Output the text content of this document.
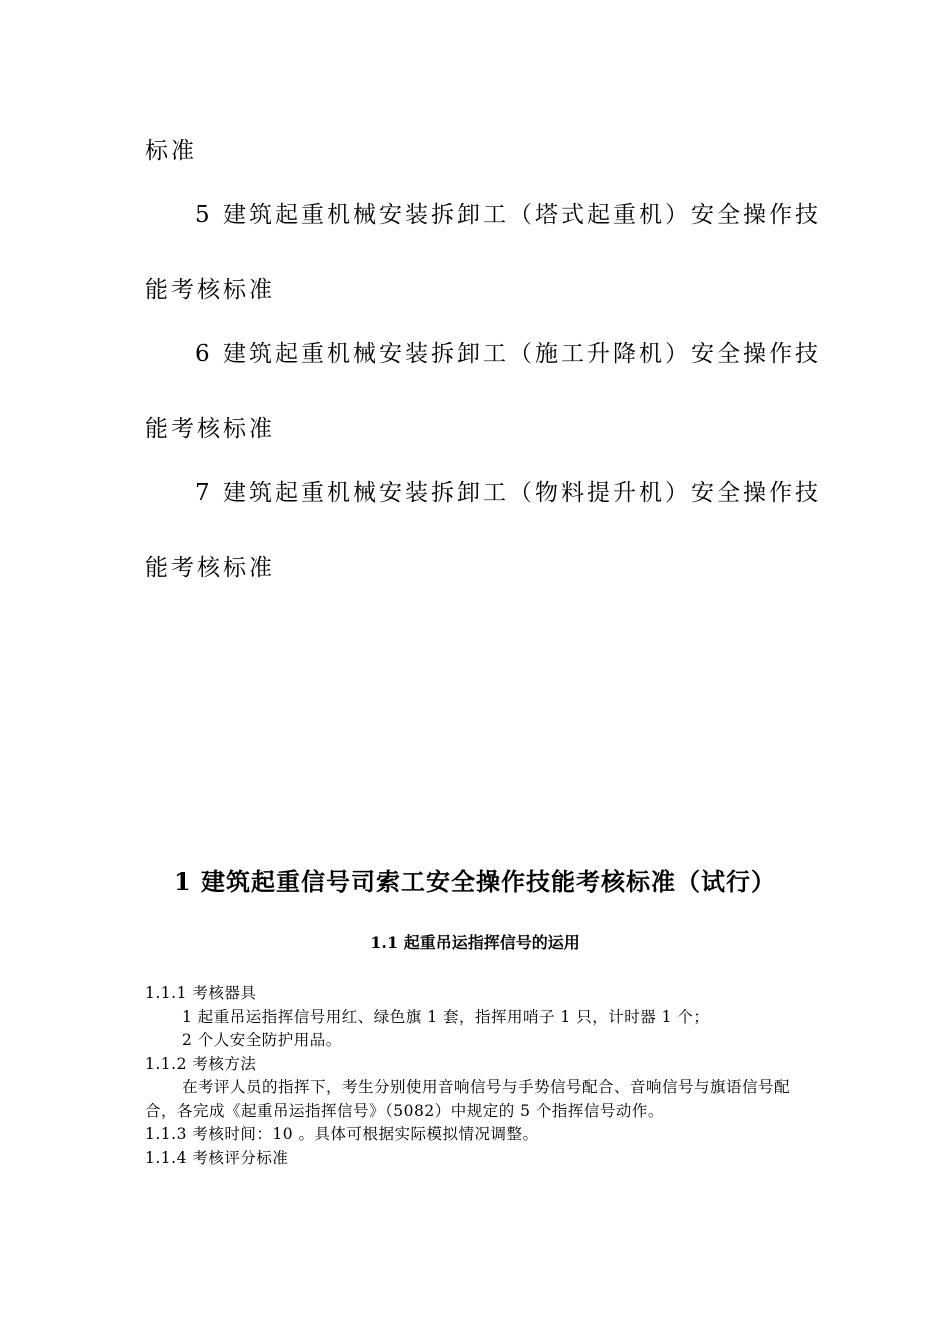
标准
5 建筑起重机械安装拆卸工（塔式起重机）安全操作技
能考核标准
6 建筑起重机械安装拆卸工（施工升降机）安全操作技
能考核标准
7 建筑起重机械安装拆卸工（物料提升机）安全操作技
能考核标准
1 建筑起重信号司索工安全操作技能考核标准（试行）
1.1 起重吊运指挥信号的运用

1.1.1 考核器具

1 起重吊运指挥信号用红、绿色旗 1 套，指挥用哨子 1 只，计时器 1 个；

2 个人安全防护用品。

1.1.2 考核方法

在考评人员的指挥下，考生分别使用音响信号与手势信号配合、音响信号与旗语信号配合，各完成《起重吊运指挥信号》（5082）中规定的 5 个指挥信号动作。

1.1.3 考核时间：10 。具体可根据实际模拟情况调整。

1.1.4 考核评分标准
